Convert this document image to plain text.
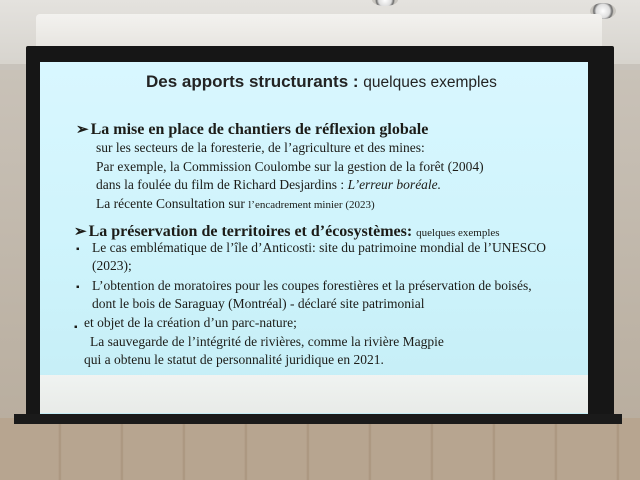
Des apports structurants : quelques exemples
➢ La mise en place de chantiers de réflexion globale
sur les secteurs de la foresterie, de l’agriculture et des mines:
Par exemple, la Commission Coulombe sur la gestion de la forêt (2004)
dans la foulée du film de Richard Desjardins : L’erreur boréale.
La récente Consultation sur l’encadrement minier (2023)
➢ La préservation de territoires et d’écosystèmes: quelques exemples
▪ Le cas emblématique de l’île d’Anticosti: site du patrimoine mondial de l’UNESCO
(2023);
▪ L’obtention de moratoires pour les coupes forestières et la préservation de boisés,
dont le bois de Saraguay (Montréal) - déclaré site patrimonial
et objet de la création d’un parc-nature;
▪
La sauvegarde de l’intégrité de rivières, comme la rivière Magpie
qui a obtenu le statut de personnalité juridique en 2021.
